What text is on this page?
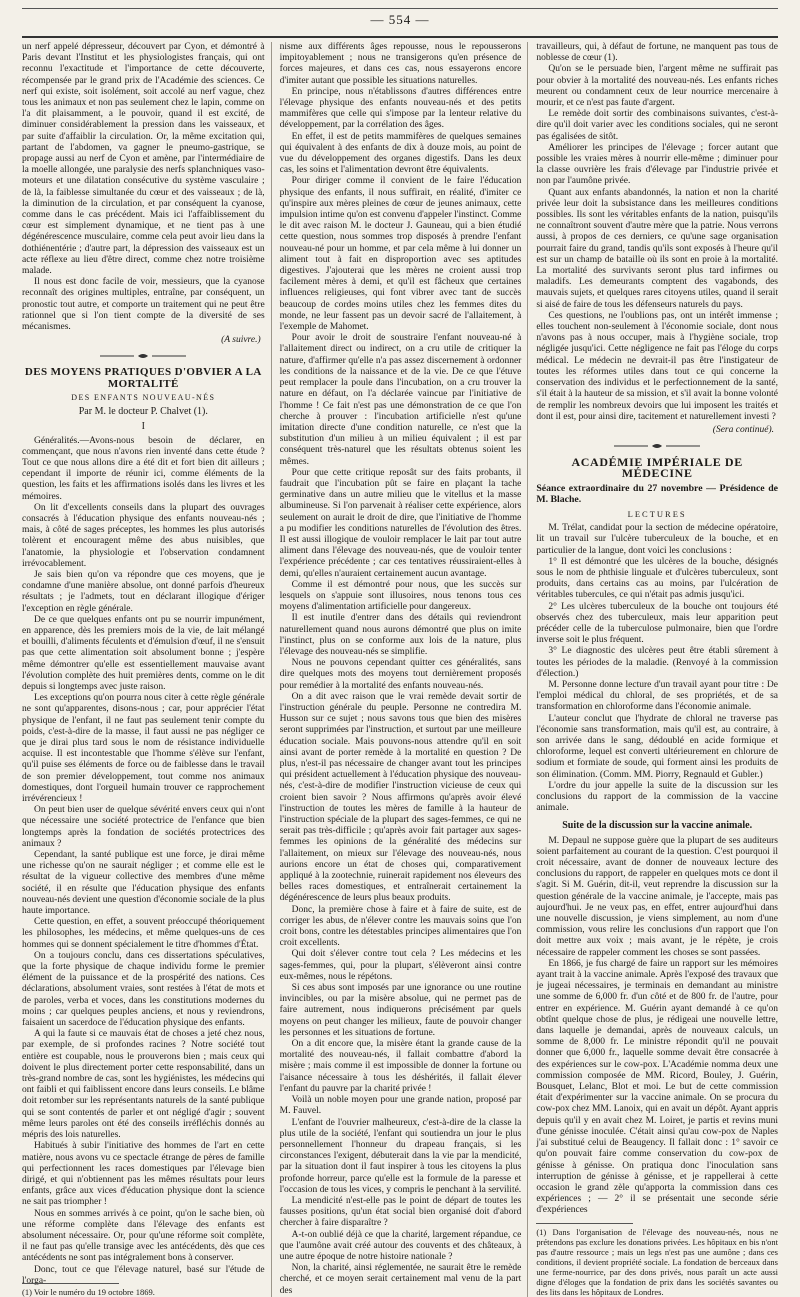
— 554 —

un nerf appelé dépresseur, découvert par Cyon, et démontré à Paris devant l'Institut et les physiologistes français, qui ont reconnu l'exactitude et l'importance de cette découverte, récompensée par le grand prix de l'Académie des sciences. Ce nerf qui existe, soit isolément, soit accolé au nerf vague, chez tous les animaux et non pas seulement chez le lapin, comme on l'a dit plaisamment, a le pouvoir, quand il est excité, de diminuer considérablement la pression dans les vaisseaux, et par suite d'affaiblir la circulation. Or, la même excitation qui, partant de l'abdomen, va gagner le pneumo-gastrique, se propage aussi au nerf de Cyon et amène, par l'intermédiaire de la moelle allongée, une paralysie des nerfs splanchniques vaso-moteurs et une dilatation consécutive du système vasculaire ; de là, la faiblesse simultanée du cœur et des vaisseaux ; de là, la diminution de la circulation, et par conséquent la cyanose, comme dans le cas précédent. Mais ici l'affaiblissement du cœur est simplement dynamique, et ne tient pas à une dégénérescence musculaire, comme cela peut avoir lieu dans la dothiénentérie ; d'autre part, la dépression des vaisseaux est un acte réflexe au lieu d'être direct, comme chez notre troisième malade.

Il nous est donc facile de voir, messieurs, que la cyanose reconnaît des origines multiples, entraîne, par conséquent, un pronostic tout autre, et comporte un traitement qui ne peut être rationnel que si l'on tient compte de la diversité de ses mécanismes.

(A suivre.)
DES MOYENS PRATIQUES D'OBVIER A LA MORTALITÉ
DES ENFANTS NOUVEAU-NÉS
Par M. le docteur P. Chalvet (1).
I

Généralités.—Avons-nous besoin de déclarer, en commençant, que nous n'avons rien inventé dans cette étude ? Tout ce que nous allons dire a été dit et fort bien dit ailleurs ; cependant il importe de réunir ici, comme éléments de la question, les faits et les affirmations isolés dans les livres et les mémoires.

On lit d'excellents conseils dans la plupart des ouvrages consacrés à l'éducation physique des enfants nouveau-nés ; mais, à côté de sages préceptes, les hommes les plus autorisés tolèrent et encouragent même des abus nuisibles, que l'anatomie, la physiologie et l'observation condamnent irrévocablement.

Je sais bien qu'on va répondre que ces moyens, que je condamne d'une manière absolue, ont donné parfois d'heureux résultats ; je l'admets, tout en déclarant illogique d'ériger l'exception en règle générale.

De ce que quelques enfants ont pu se nourrir impunément, en apparence, dès les premiers mois de la vie, de lait mélangé et bouilli, d'aliments féculents et d'émulsion d'œuf, il ne s'ensuit pas que cette alimentation soit absolument bonne ; j'espère même démontrer qu'elle est essentiellement mauvaise avant l'évolution complète des huit premières dents, comme on le dit depuis si longtemps avec juste raison.

Les exceptions qu'on pourra nous citer à cette règle générale ne sont qu'apparentes, disons-nous ; car, pour apprécier l'état physique de l'enfant, il ne faut pas seulement tenir compte du poids, c'est-à-dire de la masse, il faut aussi ne pas négliger ce que je dirai plus tard sous le nom de résistance individuelle acquise. Il est incontestable que l'homme s'élève sur l'enfant, qu'il puise ses éléments de force ou de faiblesse dans le travail de son premier développement, tout comme nos animaux domestiques, dont l'orgueil humain trouver ce rapprochement irrévérencieux !

On peut bien user de quelque sévérité envers ceux qui n'ont que nécessaire une société protectrice de l'enfance que bien longtemps après la fondation de sociétés protectrices des animaux ?

Cependant, la santé publique est une force, je dirai même une richesse qu'on ne saurait négliger ; et comme elle est le résultat de la vigueur collective des membres d'une même société, il en résulte que l'éducation physique des enfants nouveau-nés devient une question d'économie sociale de la plus haute importance.

Cette question, en effet, a souvent préoccupé théoriquement les philosophes, les médecins, et même quelques-uns de ces hommes qui se donnent spécialement le titre d'hommes d'État.

On a toujours conclu, dans ces dissertations spéculatives, que la forte physique de chaque individu forme le premier élément de la puissance et de la prospérité des nations. Ces déclarations, absolument vraies, sont restées à l'état de mots et de paroles, verba et voces, dans les constitutions modernes du moins ; car quelques peuples anciens, et nous y reviendrons, faisaient un sacerdoce de l'éducation physique des enfants.

A qui la faute si ce mauvais état de choses a jeté chez nous, par exemple, de si profondes racines ? Notre société tout entière est coupable, nous le prouverons bien ; mais ceux qui doivent le plus directement porter cette responsabilité, dans un très-grand nombre de cas, sont les hygiénistes, les médecins qui ont faibli et qui faiblissent encore dans leurs conseils. Le blâme doit retomber sur les représentants naturels de la santé publique qui se sont contentés de parler et ont négligé d'agir ; souvent même leurs paroles ont été des conseils irréfléchis donnés au mépris des lois naturelles.

Habitués à subir l'initiative des hommes de l'art en cette matière, nous avons vu ce spectacle étrange de pères de famille qui perfectionnent les races domestiques par l'élevage bien dirigé, et qui n'obtiennent pas les mêmes résultats pour leurs enfants, grâce aux vices d'éducation physique dont la science ne sait pas triompher !

Nous en sommes arrivés à ce point, qu'on le sache bien, où une réforme complète dans l'élevage des enfants est absolument nécessaire. Or, pour qu'une réforme soit complète, il ne faut pas qu'elle transige avec les antécédents, dès que ces antécédents ne sont pas intégralement bons à conserver.

Donc, tout ce que l'élevage naturel, basé sur l'étude de l'orga-

(1) Voir le numéro du 19 octobre 1869.

nisme aux différents âges repousse, nous le repousserons impitoyablement ; nous ne transigerons qu'en présence de forces majeures, et dans ces cas, nous essayerons encore d'imiter autant que possible les situations naturelles.

En principe, nous n'établissons d'autres différences entre l'élevage physique des enfants nouveau-nés et des petits mammifères que celle qui s'impose par la lenteur relative du développement, par la corrélation des âges.

En effet, il est de petits mammifères de quelques semaines qui équivalent à des enfants de dix à douze mois, au point de vue du développement des organes digestifs. Dans les deux cas, les soins et l'alimentation devront être équivalents.

Pour diriger comme il convient de le faire l'éducation physique des enfants, il nous suffirait, en réalité, d'imiter ce qu'inspire aux mères pleines de cœur de jeunes animaux, cette impulsion intime qu'on est convenu d'appeler l'instinct. Comme le dit avec raison M. le docteur J. Gauneau, qui a bien étudié cette question, nous sommes trop disposés à prendre l'enfant nouveau-né pour un homme, et par cela même à lui donner un aliment tout à fait en disproportion avec ses aptitudes digestives. J'ajouterai que les mères ne croient aussi trop facilement mères à demi, et qu'il est fâcheux que certaines influences religieuses, qui font vibrer avec tant de succès beaucoup de cordes moins utiles chez les femmes dites du monde, ne leur fassent pas un devoir sacré de l'allaitement, à l'exemple de Mahomet.

Pour avoir le droit de soustraire l'enfant nouveau-né à l'allaitement direct ou indirect, on a cru utile de critiquer la nature, d'affirmer qu'elle n'a pas assez discernement à ordonner les conditions de la naissance et de la vie. De ce que l'étuve peut remplacer la poule dans l'incubation, on a cru trouver la nature en défaut, on l'a déclarée vaincue par l'initiative de l'homme ! Ce fait n'est pas une démonstration de ce que l'on cherche à prouver : l'incubation artificielle n'est qu'une imitation directe d'une condition naturelle, ce n'est que la substitution d'un milieu à un milieu équivalent ; il est par conséquent très-naturel que les résultats obtenus soient les mêmes.

Pour que cette critique reposât sur des faits probants, il faudrait que l'incubation pût se faire en plaçant la tache germinative dans un autre milieu que le vitellus et la masse albumineuse. Si l'on parvenait à réaliser cette expérience, alors seulement on aurait le droit de dire, que l'initiative de l'homme a pu modifier les conditions naturelles de l'évolution des êtres. Il est aussi illogique de vouloir remplacer le lait par tout autre aliment dans l'élevage des nouveau-nés, que de vouloir tenter l'expérience précédente ; car ces tentatives réussiraient-elles à demi, qu'elles n'auraient certainement aucun avantage.

Comme il est démontré pour nous, que les succès sur lesquels on s'appuie sont illusoires, nous tenons tous ces moyens d'alimentation artificielle pour dangereux.

Il est inutile d'entrer dans des détails qui reviendront naturellement quand nous aurons démontré que plus on imite l'instinct, plus on se conforme aux lois de la nature, plus l'élevage des nouveau-nés se simplifie.

Nous ne pouvons cependant quitter ces généralités, sans dire quelques mots des moyens tout dernièrement proposés pour remédier à la mortalité des enfants nouveau-nés.

On a dit avec raison que le vrai remède devait sortir de l'instruction générale du peuple. Personne ne contredira M. Husson sur ce sujet ; nous savons tous que bien des misères seront supprimées par l'instruction, et surtout par une meilleure éducation sociale. Mais pouvons-nous attendre qu'il en soit ainsi avant de porter remède à la mortalité en question ? De plus, n'est-il pas nécessaire de changer avant tout les principes qui président actuellement à l'éducation physique des nouveau-nés, c'est-à-dire de modifier l'instruction vicieuse de ceux qui croient bien savoir ? Nous affirmons qu'après avoir élevé l'instruction de toutes les mères de famille à la hauteur de l'instruction spéciale de la plupart des sages-femmes, ce qui ne serait pas très-difficile ; qu'après avoir fait partager aux sages-femmes les opinions de la généralité des médecins sur l'allaitement, on mieux sur l'élevage des nouveau-nés, nous aurions encore un état de choses qui, comparativement appliqué à la zootechnie, ruinerait rapidement nos éleveurs des belles races domestiques, et entraînerait certainement la dégénérescence de leurs plus beaux produits.

Donc, la première chose à faire et à faire de suite, est de corriger les abus, de n'élever contre les mauvais soins que l'on croit bons, contre les détestables principes alimentaires que l'on croit excellents.

Qui doit s'élever contre tout cela ? Les médecins et les sages-femmes, qui, pour la plupart, s'élèveront ainsi contre eux-mêmes, nous le répétons.

Si ces abus sont imposés par une ignorance ou une routine invincibles, ou par la misère absolue, qui ne permet pas de faire autrement, nous indiquerons précisément par quels moyens on peut changer les milieux, faute de pouvoir changer les personnes et les situations de fortune.

On a dit encore que, la misère étant la grande cause de la mortalité des nouveau-nés, il fallait combattre d'abord la misère ; mais comme il est impossible de donner la fortune ou l'aisance nécessaire à tous les déshérités, il fallait élever l'enfant du pauvre par la charité privée !

Voilà un noble moyen pour une grande nation, proposé par M. Fauvel.

L'enfant de l'ouvrier malheureux, c'est-à-dire de la classe la plus utile de la société, l'enfant qui soutiendra un jour le plus personnellement l'honneur du drapeau français, si les circonstances l'exigent, débuterait dans la vie par la mendicité, par la situation dont il faut inspirer à tous les citoyens la plus profonde horreur, parce qu'elle est la formule de la paresse et l'occasion de tous les vices, y compris le penchant à la servilité.

La mendicité n'est-elle pas le point de départ de toutes les fausses positions, qu'un état social bien organisé doit d'abord chercher à faire disparaître ?

A-t-on oublié déjà ce que la charité, largement répandue, ce que l'aumône avait créé autour des couvents et des châteaux, à une autre époque de notre histoire nationale ?

Non, la charité, ainsi réglementée, ne saurait être le remède cherché, et ce moyen serait certainement mal venu de la part des

travailleurs, qui, à défaut de fortune, ne manquent pas tous de noblesse de cœur (1).

Qu'on se le persuade bien, l'argent même ne suffirait pas pour obvier à la mortalité des nouveau-nés. Les enfants riches meurent ou condamnent ceux de leur nourrice mercenaire à mourir, et ce n'est pas faute d'argent.

Le remède doit sortir des combinaisons suivantes, c'est-à-dire qu'il doit varier avec les conditions sociales, qui ne seront pas égalisées de sitôt.

Améliorer les principes de l'élevage ; forcer autant que possible les vraies mères à nourrir elle-même ; diminuer pour la classe ouvrière les frais d'élevage par l'industrie privée et non par l'aumône privée.

Quant aux enfants abandonnés, la nation et non la charité privée leur doit la subsistance dans les meilleures conditions possibles. Ils sont les véritables enfants de la nation, puisqu'ils ne connaîtront souvent d'autre mère que la patrie. Nous verrons aussi, à propos de ces derniers, ce qu'une sage organisation pourrait faire du grand, tandis qu'ils sont exposés à l'heure qu'il est sur un champ de bataille où ils sont en proie à la mortalité. La mortalité des survivants seront plus tard infirmes ou maladifs. Les demeurants comptent des vagabonds, des mauvais sujets, et quelques rares citoyens utiles, quand il serait si aisé de faire de tous les défenseurs naturels du pays.

Ces questions, ne l'oublions pas, ont un intérêt immense ; elles touchent non-seulement à l'économie sociale, dont nous n'avons pas à nous occuper, mais à l'hygiène sociale, trop négligée jusqu'ici. Cette négligence ne fait pas l'éloge du corps médical. Le médecin ne devrait-il pas être l'instigateur de toutes les réformes utiles dans tout ce qui concerne la conservation des individus et le perfectionnement de la santé, s'il était à la hauteur de sa mission, et s'il avait la bonne volonté de remplir les nombreux devoirs que lui imposent les traités et dont il est, pour ainsi dire, tacitement et naturellement investi ?

(Sera continué).
ACADÉMIE IMPÉRIALE DE MÉDECINE

Séance extraordinaire du 27 novembre — Présidence de M. Blache.

LECTURES

M. Trélat, candidat pour la section de médecine opératoire, lit un travail sur l'ulcère tuberculeux de la bouche, et en particulier de la langue, dont voici les conclusions :

1° Il est démontré que les ulcères de la bouche, désignés sous le nom de phthisie linguale et d'ulcères tuberculeux, sont produits, dans certains cas au moins, par l'ulcération de véritables tubercules, ce qui n'était pas admis jusqu'ici.

2° Les ulcères tuberculeux de la bouche ont toujours été observés chez des tuberculeux, mais leur apparition peut précéder celle de la tuberculose pulmonaire, bien que l'ordre inverse soit le plus fréquent.

3° Le diagnostic des ulcères peut être établi sûrement à toutes les périodes de la maladie. (Renvoyé à la commission d'élection.)

M. Personne donne lecture d'un travail ayant pour titre : De l'emploi médical du chloral, de ses propriétés, et de sa transformation en chloroforme dans l'économie animale.

L'auteur conclut que l'hydrate de chloral ne traverse pas l'économie sans transformation, mais qu'il est, au contraire, à son arrivée dans le sang, dédoublé en acide formique et chloroforme, lequel est converti ultérieurement en chlorure de sodium et formiate de soude, qui forment ainsi les produits de son élimination. (Comm. MM. Piorry, Regnauld et Gubler.)

L'ordre du jour appelle la suite de la discussion sur les conclusions du rapport de la commission de la vaccine animale.

Suite de la discussion sur la vaccine animale.

M. Depaul ne suppose guère que la plupart de ses auditeurs soient parfaitement au courant de la question. C'est pourquoi il croit nécessaire, avant de donner de nouveaux lecture des conclusions du rapport, de rappeler en quelques mots ce dont il s'agit. Si M. Guérin, dit-il, veut reprendre la discussion sur la question générale de la vaccine animale, je l'accepte, mais pas aujourd'hui. Je ne veux pas, en effet, entrer aujourd'hui dans une nouvelle discussion, je viens simplement, au nom d'une commission, vous relire les conclusions d'un rapport que l'on doit mettre aux voix ; mais avant, je le répète, je crois nécessaire de rappeler comment les choses se sont passées.

En 1866, je fus chargé de faire un rapport sur les mémoires ayant trait à la vaccine animale. Après l'exposé des travaux que je jugeai nécessaires, je terminais en demandant au ministre une somme de 6,000 fr. d'un côté et de 800 fr. de l'autre, pour entrer en expérience. M. Guérin ayant demandé à ce qu'on obtînt quelque chose de plus, je rédigeai une nouvelle lettre, dans laquelle je demandai, après de nouveaux calculs, un somme de 8,000 fr. Le ministre répondit qu'il ne pouvait donner que 6,000 fr., laquelle somme devait être consacrée à des expériences sur le cow-pox. L'Académie nomma deux une commission composée de MM. Ricord, Bouley, J. Guérin, Bousquet, Lelanc, Blot et moi. Le but de cette commission était d'expérimenter sur la vaccine animale. On se procura du cow-pox chez MM. Lanoix, qui en avait un dépôt. Ayant appris depuis qu'il y en avait chez M. Loiret, je partis et revins muni d'une génisse inoculée. C'était ainsi qu'au cow-pox de Naples j'ai substitué celui de Beaugency. Il fallait donc : 1° savoir ce qu'on pouvait faire comme conservation du cow-pox de génisse à génisse. On pratiqua donc l'inoculation sans interruption de génisse à génisse, et je rappellerai à cette occasion le grand zèle qu'apporta la commission dans ces expériences ; — 2° il se présentait une seconde série d'expériences

(1) Dans l'organisation de l'élevage des nouveau-nés, nous ne prétendons pas exclure les donations privées. Les hôpitaux en bis n'ont pas d'autre ressource ; mais un legs n'est pas une aumône ; dans ces conditions, il devient propriété sociale. La fondation de berceaux dans une ferme-nourrice, par des dons privés, nous paraît un acte aussi digne d'éloges que la fondation de prix dans les sociétés savantes ou des lits dans les hôpitaux de Londres.
